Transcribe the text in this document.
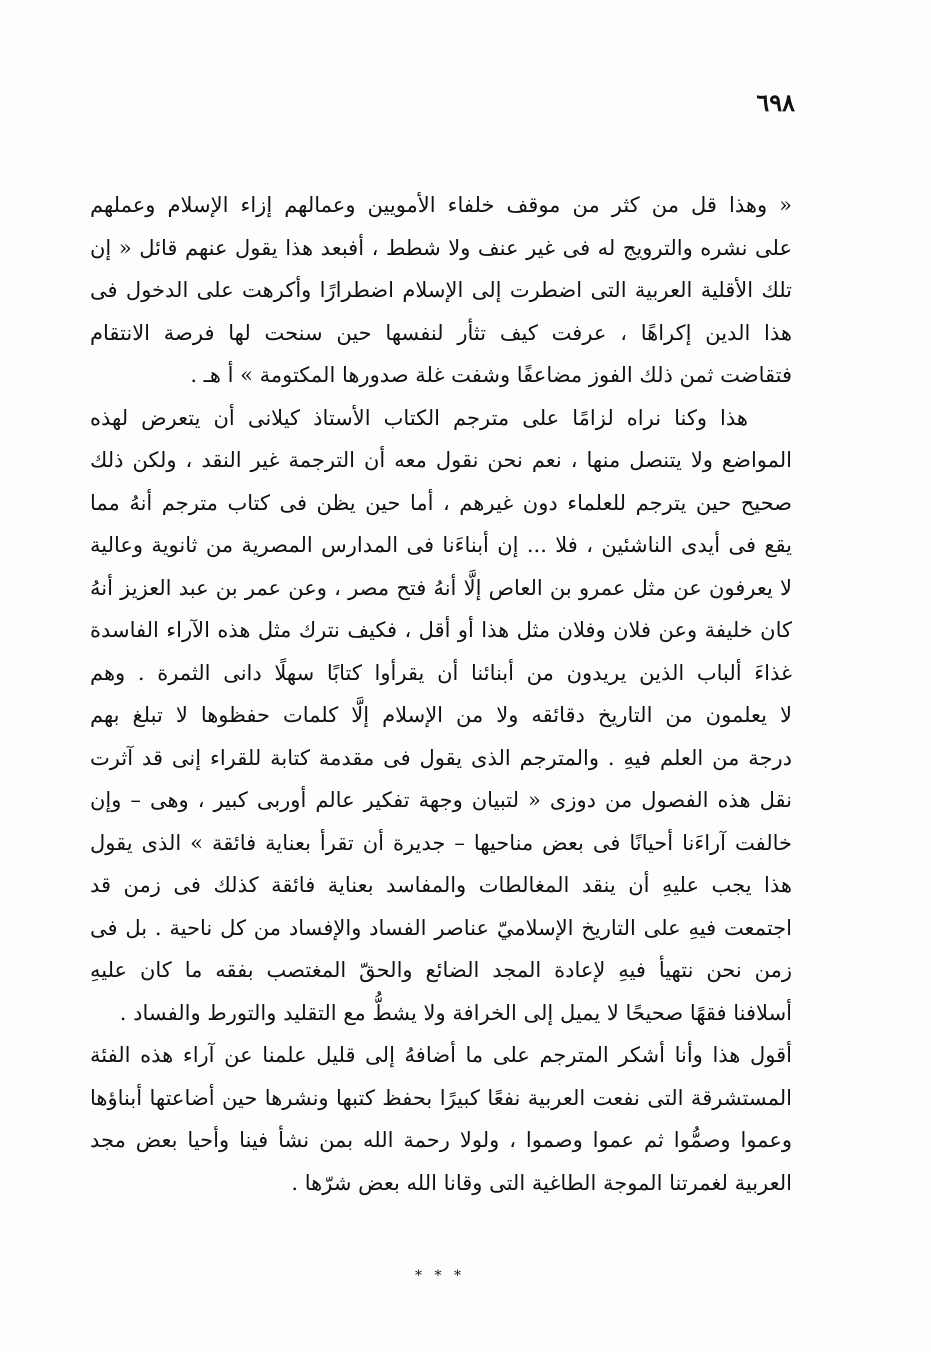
٦٩٨
« وهذا قل من كثر من موقف خلفاء الأمويين وعمالهم إزاء الإسلام وعملهم
على نشره والترويج له فى غير عنف ولا شطط ، أفبعد هذا يقول عنهم قائل « إن
تلك الأقلية العربية التى اضطرت إلى الإسلام اضطرارًا وأكرهت على الدخول فى
هذا الدين إكراهًا ، عرفت كيف تثأر لنفسها حين سنحت لها فرصة الانتقام
فتقاضت ثمن ذلك الفوز مضاعفًا وشفت غلة صدورها المكتومة » أ هـ .
هذا وكنا نراه لزامًا على مترجم الكتاب الأستاذ كيلانى أن يتعرض لهذه
المواضع ولا يتنصل منها ، نعم نحن نقول معه أن الترجمة غير النقد ، ولكن ذلك
صحيح حين يترجم للعلماء دون غيرهم ، أما حين يظن فى كتاب مترجم أنهُ مما
يقع فى أيدى الناشئين ، فلا ... إن أبناءَنا فى المدارس المصرية من ثانوية وعالية
لا يعرفون عن مثل عمرو بن العاص إلَّا أنهُ فتح مصر ، وعن عمر بن عبد العزيز أنهُ
كان خليفة وعن فلان وفلان مثل هذا أو أقل ، فكيف نترك مثل هذه الآراء الفاسدة
غذاءَ ألباب الذين يريدون من أبنائنا أن يقرأوا كتابًا سهلًا دانى الثمرة . وهم
لا يعلمون من التاريخ دقائقه ولا من الإسلام إلَّا كلمات حفظوها لا تبلغ بهم
درجة من العلم فيهِ . والمترجم الذى يقول فى مقدمة كتابة للقراء إنى قد آثرت
نقل هذه الفصول من دوزى « لتبيان وجهة تفكير عالم أوربى كبير ، وهى – وإن
خالفت آراءَنا أحيانًا فى بعض مناحيها – جديرة أن تقرأ بعناية فائقة » الذى يقول
هذا يجب عليهِ أن ينقد المغالطات والمفاسد بعناية فائقة كذلك فى زمن قد
اجتمعت فيهِ على التاريخ الإسلاميّ عناصر الفساد والإفساد من كل ناحية . بل فى
زمن نحن نتهيأ فيهِ لإعادة المجد الضائع والحقّ المغتصب بفقه ما كان عليهِ
أسلافنا فقهًا صحيحًا لا يميل إلى الخرافة ولا يشطُّ مع التقليد والتورط والفساد .
أقول هذا وأنا أشكر المترجم على ما أضافهُ إلى قليل علمنا عن آراء هذه الفئة
المستشرقة التى نفعت العربية نفعًا كبيرًا بحفظ كتبها ونشرها حين أضاعتها أبناؤها
وعموا وصمُّوا ثم عموا وصموا ، ولولا رحمة الله بمن نشأ فينا وأحيا بعض مجد
العربية لغمرتنا الموجة الطاغية التى وقانا الله بعض شرّها .
* * *
